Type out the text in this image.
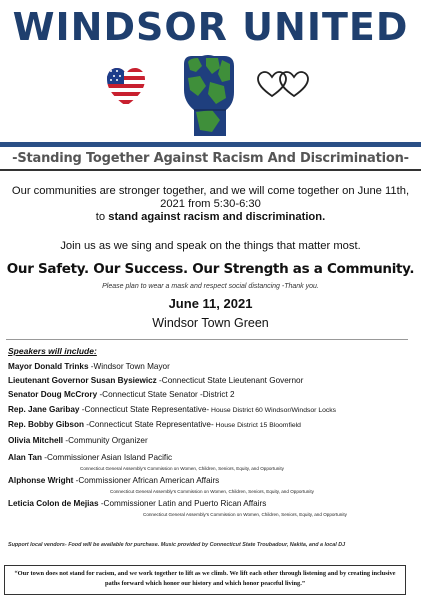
WINDSOR UNITED
-Standing Together Against Racism And Discrimination-
Our communities are stronger together, and we will come together on June 11th, 2021 from 5:30-6:30
to stand against racism and discrimination.
Join us as we sing and speak on the things that matter most.
Our Safety. Our Success. Our Strength as a Community.
Please plan to wear a mask and respect social distancing -Thank you.
June 11, 2021
Windsor Town Green
Speakers will include:
Mayor Donald Trinks -Windsor Town Mayor
Lieutenant Governor Susan Bysiewicz -Connecticut State Lieutenant Governor
Senator Doug McCrory -Connecticut State Senator -District 2
Rep. Jane Garibay -Connecticut State Representative- House District 60 Windsor/Windsor Locks
Rep. Bobby Gibson -Connecticut State Representative- House District 15 Bloomfield
Olivia Mitchell -Community Organizer
Alan Tan -Commissioner Asian Island Pacific
Connecticut General Assembly's Commission on Women, Children, Seniors, Equity, and Opportunity
Alphonse Wright -Commissioner African American Affairs
Connecticut General Assembly's Commission on Women, Children, Seniors, Equity, and Opportunity
Leticia Colon de Mejias -Commissioner Latin and Puerto Rican Affairs
Connecticut General Assembly's Commission on Women, Children, Seniors, Equity, and Opportunity
Support local vendors- Food will be available for purchase. Music provided by Connecticut State Troubadour, Nakita, and a local DJ
“Our town does not stand for racism, and we work together to lift as we climb. We lift each other through listening and by creating inclusive paths forward which honor our history and which honor peaceful living.”
